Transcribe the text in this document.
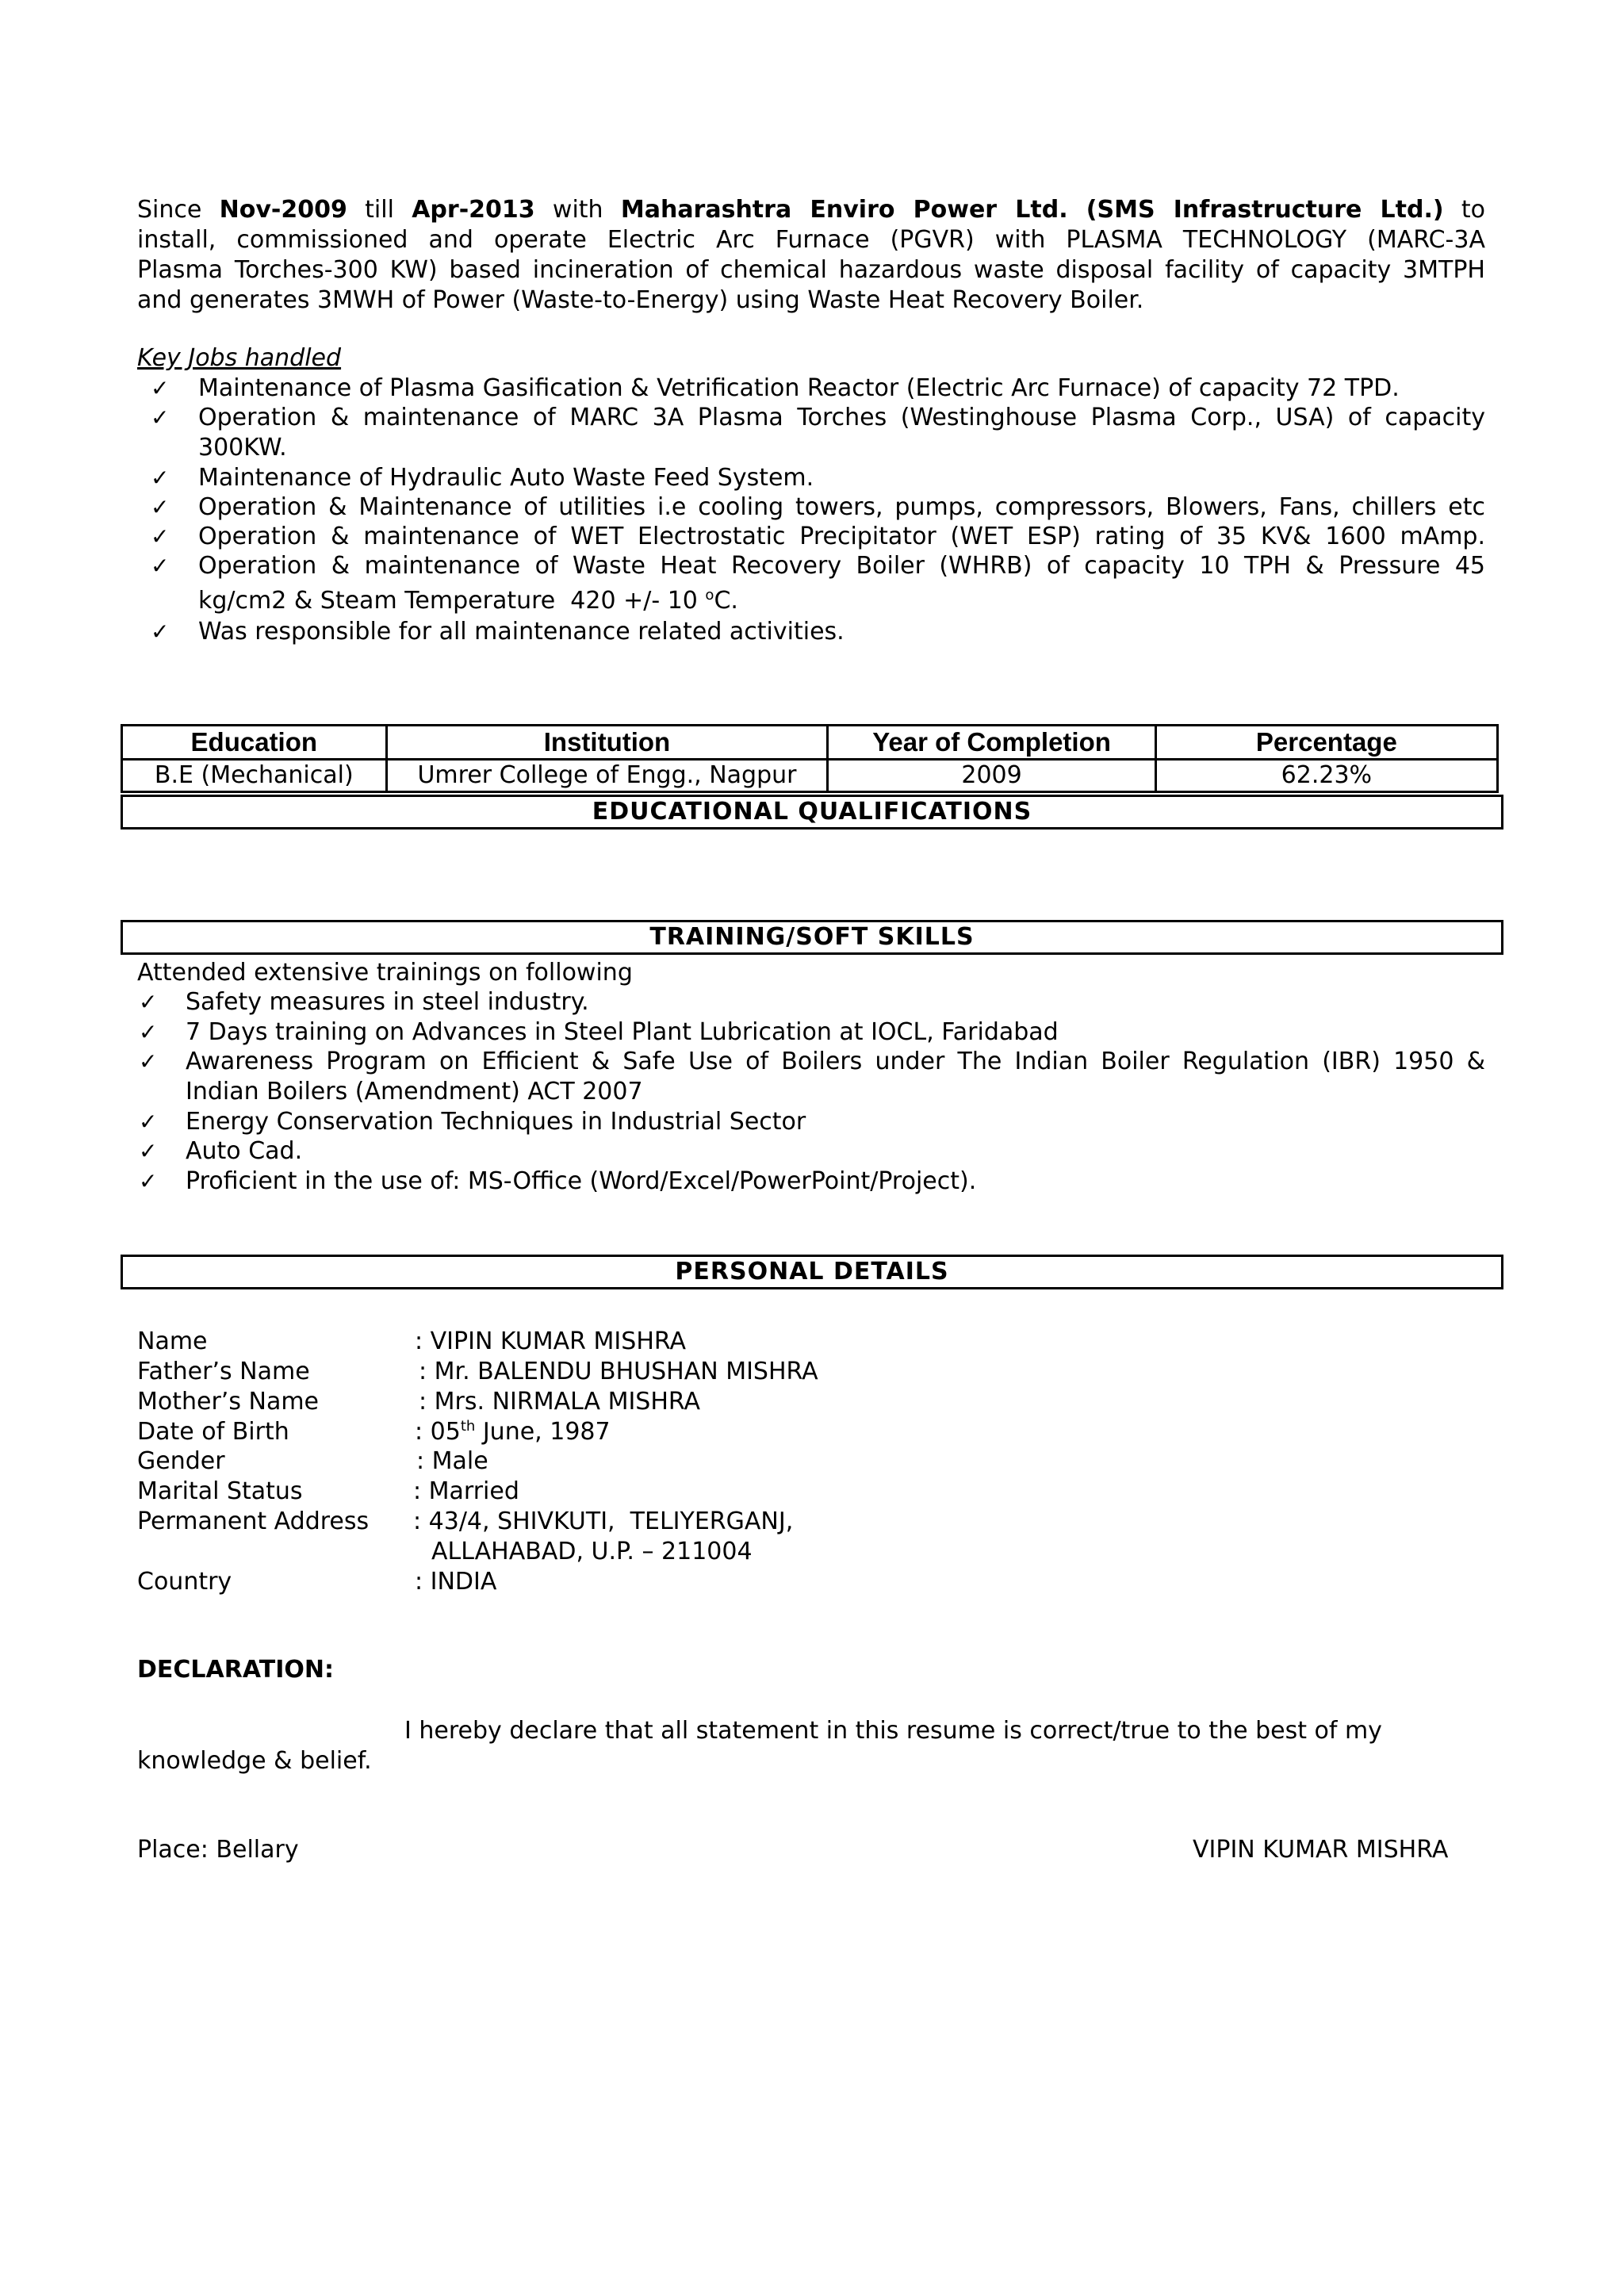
Since Nov-2009 till Apr-2013 with Maharashtra Enviro Power Ltd. (SMS Infrastructure Ltd.) to
install, commissioned and operate Electric Arc Furnace (PGVR) with PLASMA TECHNOLOGY (MARC-3A
Plasma Torches-300 KW) based incineration of chemical hazardous waste disposal facility of capacity 3MTPH
and generates 3MWH of Power (Waste-to-Energy) using Waste Heat Recovery Boiler.
Key Jobs handled
✓ Maintenance of Plasma Gasification & Vetrification Reactor (Electric Arc Furnace) of capacity 72 TPD.
✓ Operation & maintenance of MARC 3A Plasma Torches (Westinghouse Plasma Corp., USA) of capacity
300KW.
✓ Maintenance of Hydraulic Auto Waste Feed System.
✓ Operation & Maintenance of utilities i.e cooling towers, pumps, compressors, Blowers, Fans, chillers etc
✓ Operation & maintenance of WET Electrostatic Precipitator (WET ESP) rating of 35 KV& 1600 mAmp.
✓ Operation & maintenance of Waste Heat Recovery Boiler (WHRB) of capacity 10 TPH & Pressure 45
kg/cm2 & Steam Temperature  420 +/- 10 $^o$C.
✓ Was responsible for all maintenance related activities.
Education	Institution	Year of Completion	Percentage
B.E (Mechanical)	Umrer College of Engg., Nagpur	2009	62.23%
EDUCATIONAL QUALIFICATIONS
TRAINING/SOFT SKILLS
Attended extensive trainings on following
✓ Safety measures in steel industry.
✓ 7 Days training on Advances in Steel Plant Lubrication at IOCL, Faridabad
✓ Awareness Program on Efficient & Safe Use of Boilers under The Indian Boiler Regulation (IBR) 1950 &
Indian Boilers (Amendment) ACT 2007
✓ Energy Conservation Techniques in Industrial Sector
✓ Auto Cad.
✓ Proficient in the use of: MS-Office (Word/Excel/PowerPoint/Project).
PERSONAL DETAILS
Name	: VIPIN KUMAR MISHRA
Father’s Name	: Mr. BALENDU BHUSHAN MISHRA
Mother’s Name	: Mrs. NIRMALA MISHRA
Date of Birth	: 05th June, 1987
Gender	: Male
Marital Status	: Married
Permanent Address : 43/4, SHIVKUTI,  TELIYERGANJ,
ALLAHABAD, U.P. – 211004
Country	: INDIA
DECLARATION:
I hereby declare that all statement in this resume is correct/true to the best of my
knowledge & belief.
Place: Bellary	VIPIN KUMAR MISHRA
